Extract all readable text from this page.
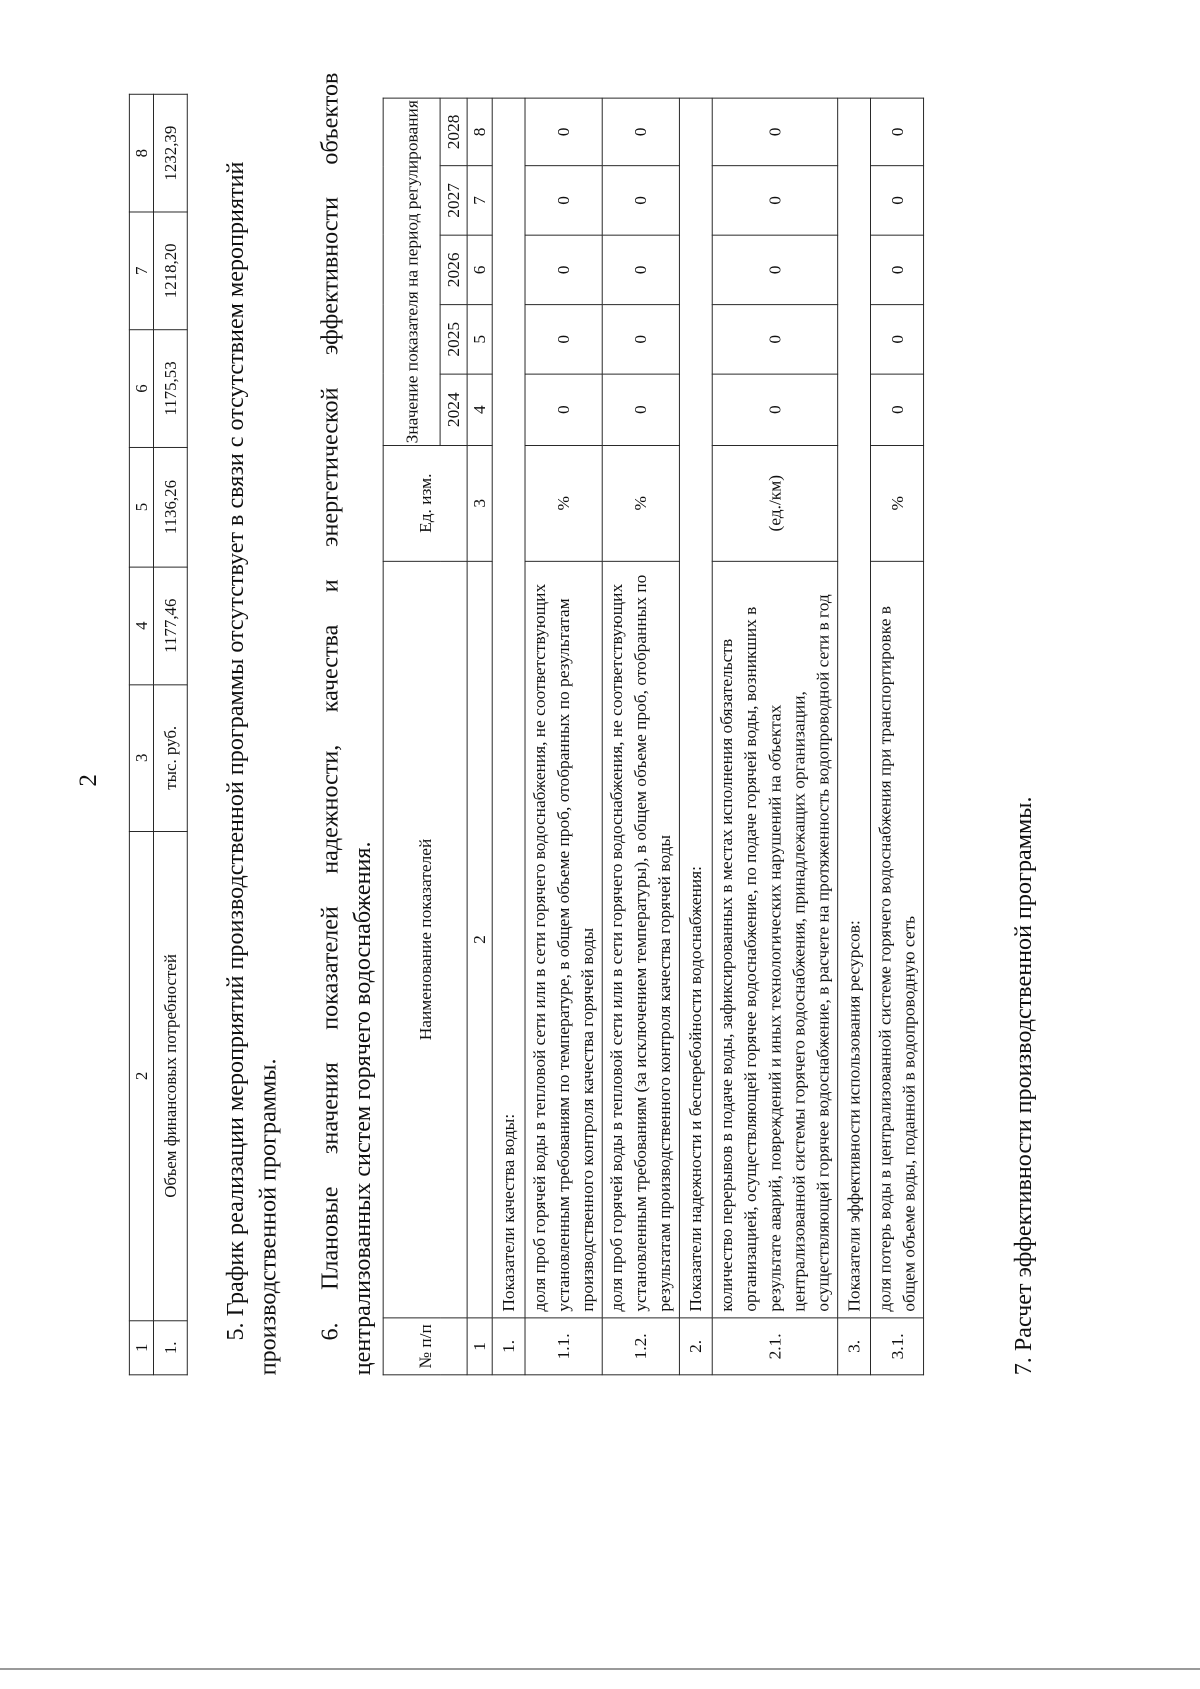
2
1	2	3	4	5	6	7	8
1.	Объем финансовых потребностей	тыс. руб.	1177,46	1136,26	1175,53	1218,20	1232,39
5. График реализации мероприятий производственной программы отсутствует в связи с отсутствием мероприятий производственной программы. 6. Плановые значения показателей надежности, качества и энергетической эффективности объектов централизованных систем горячего водоснабжения. № п/п	Наименование показателей	Ед. изм.	Значение показателя на период регулирования				
			2024	2025	2026	2027	2028
1	2	3	4	5	6	7	8
1.	Показатели качества воды:						
1.1.	доля проб горячей воды в тепловой сети или в сети горячего водоснабжения, не соответствующих установленным требованиям по температуре, в общем объеме проб, отобранных по результатам производственного контроля качества горячей воды	%	0	0	0	0	0
1.2.	доля проб горячей воды в тепловой сети или в сети горячего водоснабжения, не соответствующих установленным требованиям (за исключением температуры), в общем объеме проб, отобранных по результатам производственного контроля качества горячей воды	%	0	0	0	0	0
2.	Показатели надежности и бесперебойности водоснабжения:						
2.1.	количество перерывов в подаче воды, зафиксированных в местах исполнения обязательств организацией, осуществляющей горячее водоснабжение, по подаче горячей воды, возникших в результате аварий, повреждений и иных технологических нарушений на объектах централизованной системы горячего водоснабжения, принадлежащих организации, осуществляющей горячее водоснабжение, в расчете на протяженность водопроводной сети в год	(ед./км)	0	0	0	0	0
3.	Показатели эффективности использования ресурсов:						
3.1.	доля потерь воды в централизованной системе горячего водоснабжения при транспортировке в общем объеме воды, поданной в водопроводную сеть	%	0	0	0	0	0
7. Расчет эффективности производственной программы.
